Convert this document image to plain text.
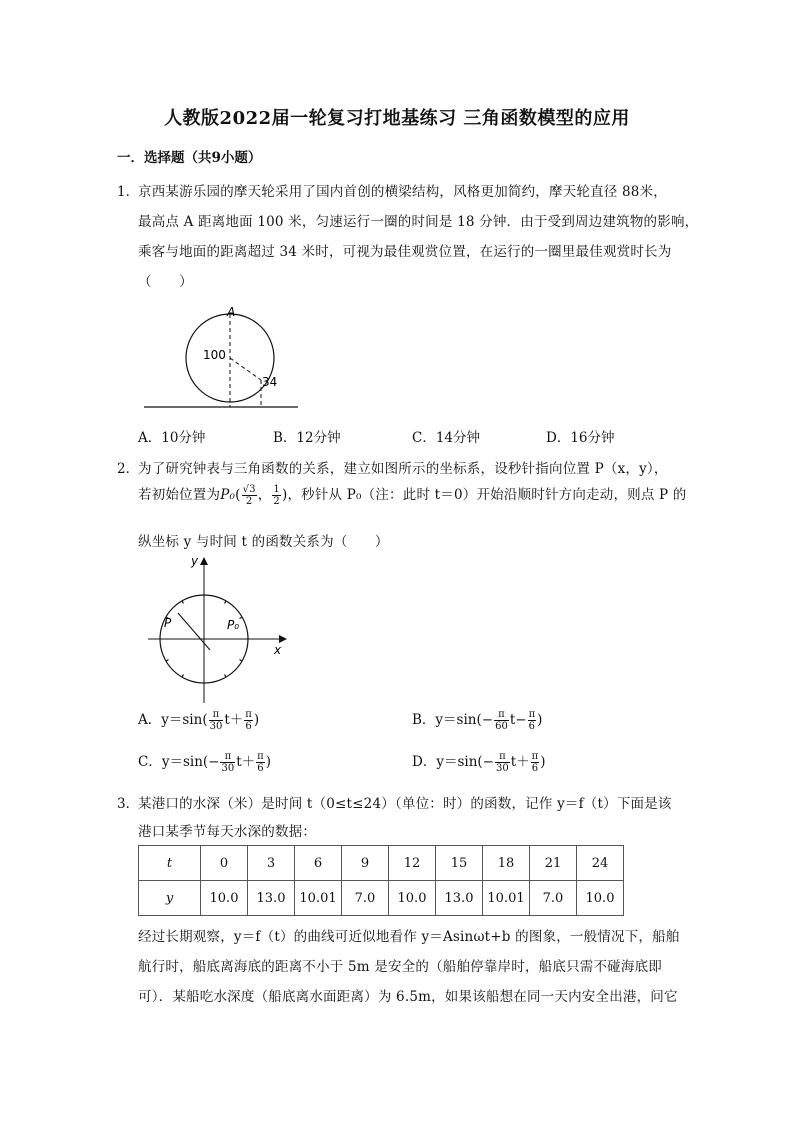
人教版2022届一轮复习打地基练习 三角函数模型的应用
一．选择题（共9小题）
1．
京西某游乐园的摩天轮采用了国内首创的横梁结构，风格更加简约，摩天轮直径 88米，
最高点 A 距离地面 100 米，匀速运行一圈的时间是 18 分钟．由于受到周边建筑物的影响，
乘客与地面的距离超过 34 米时，可视为最佳观赏位置，在运行的一圈里最佳观赏时长为
（　　）
A
100
34
A．10分钟	B．12分钟	C．14分钟	D．16分钟
2．
为了研究钟表与三角函数的关系，建立如图所示的坐标系，设秒针指向位置 P（x，y），
若初始位置为$P_0( \frac{√3}{2}$ ， $\frac{1}{2}$ )，秒针从 P₀（注：此时 t＝0）开始沿顺时针方向走动，则点 P 的
纵坐标 y 与时间 t 的函数关系为（　　）
y
x
P	P₀
A．$y=\sin( \frac{\pi}{30} t+ \frac{\pi}{6}$ )	B．$y=\sin(- \frac{\pi}{60} t- \frac{\pi}{6}$ )
C．$y=\sin(- \frac{\pi}{30} t+ \frac{\pi}{6}$ )	D．$y=\sin(- \frac{\pi}{30} t+ \frac{\pi}{6}$ )
3．
某港口的水深（米）是时间 t（0≤t≤24）（单位：时）的函数，记作 y＝f（t）下面是该
港口某季节每天水深的数据：
t	0	3	6	9	12	15	18	21	24
y	10.0	13.0	10.01	7.0	10.0	13.0	10.01	7.0	10.0
经过长期观察，y＝f（t）的曲线可近似地看作 y＝Asinωt+b 的图象，一般情况下，船舶
航行时，船底离海底的距离不小于 5m 是安全的（船舶停靠岸时，船底只需不碰海底即
可）．某船吃水深度（船底离水面距离）为 6.5m，如果该船想在同一天内安全出港，问它
